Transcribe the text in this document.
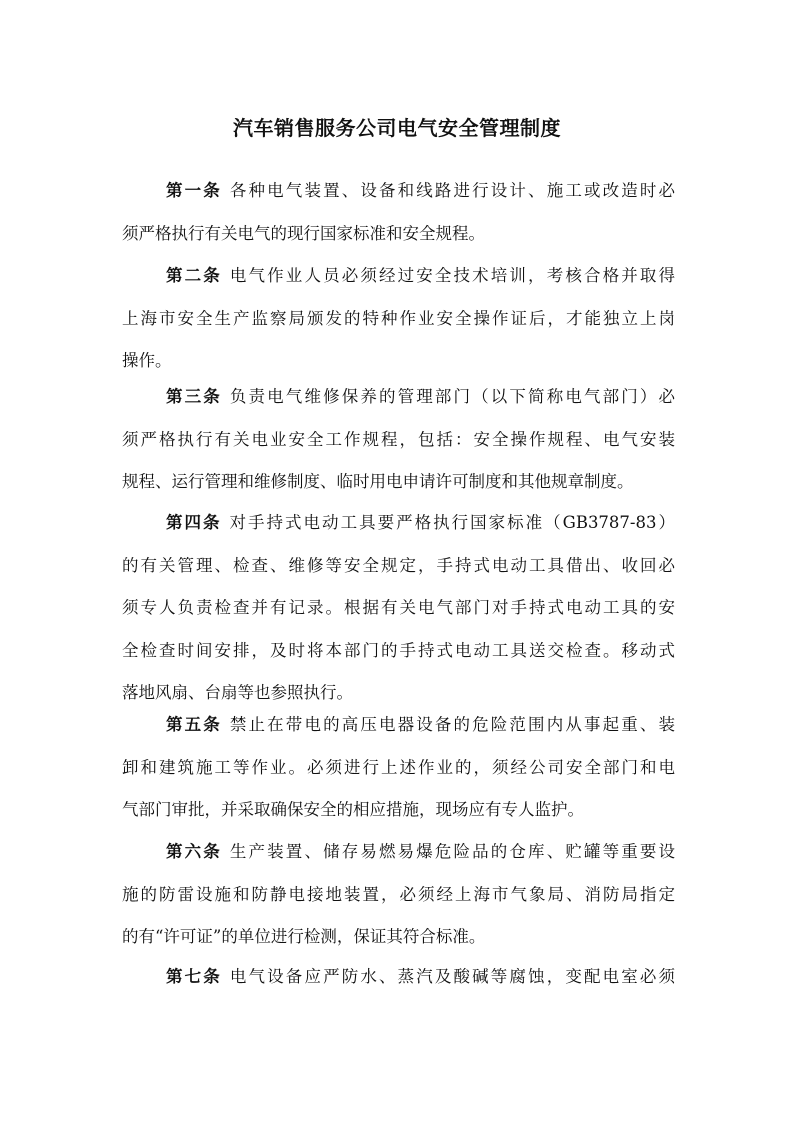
汽车销售服务公司电气安全管理制度
第一条 各种电气装置、设备和线路进行设计、施工或改造时必
须严格执行有关电气的现行国家标准和安全规程。
第二条 电气作业人员必须经过安全技术培训，考核合格并取得
上海市安全生产监察局颁发的特种作业安全操作证后，才能独立上岗
操作。
第三条 负责电气维修保养的管理部门（以下简称电气部门）必
须严格执行有关电业安全工作规程，包括：安全操作规程、电气安装
规程、运行管理和维修制度、临时用电申请许可制度和其他规章制度。
第四条 对手持式电动工具要严格执行国家标准（GB3787-83）
的有关管理、检查、维修等安全规定，手持式电动工具借出、收回必
须专人负责检查并有记录。根据有关电气部门对手持式电动工具的安
全检查时间安排，及时将本部门的手持式电动工具送交检查。移动式
落地风扇、台扇等也参照执行。
第五条 禁止在带电的高压电器设备的危险范围内从事起重、装
卸和建筑施工等作业。必须进行上述作业的，须经公司安全部门和电
气部门审批，并采取确保安全的相应措施，现场应有专人监护。
第六条 生产装置、储存易燃易爆危险品的仓库、贮罐等重要设
施的防雷设施和防静电接地装置，必须经上海市气象局、消防局指定
的有“许可证”的单位进行检测，保证其符合标准。
第七条 电气设备应严防水、蒸汽及酸碱等腐蚀，变配电室必须
